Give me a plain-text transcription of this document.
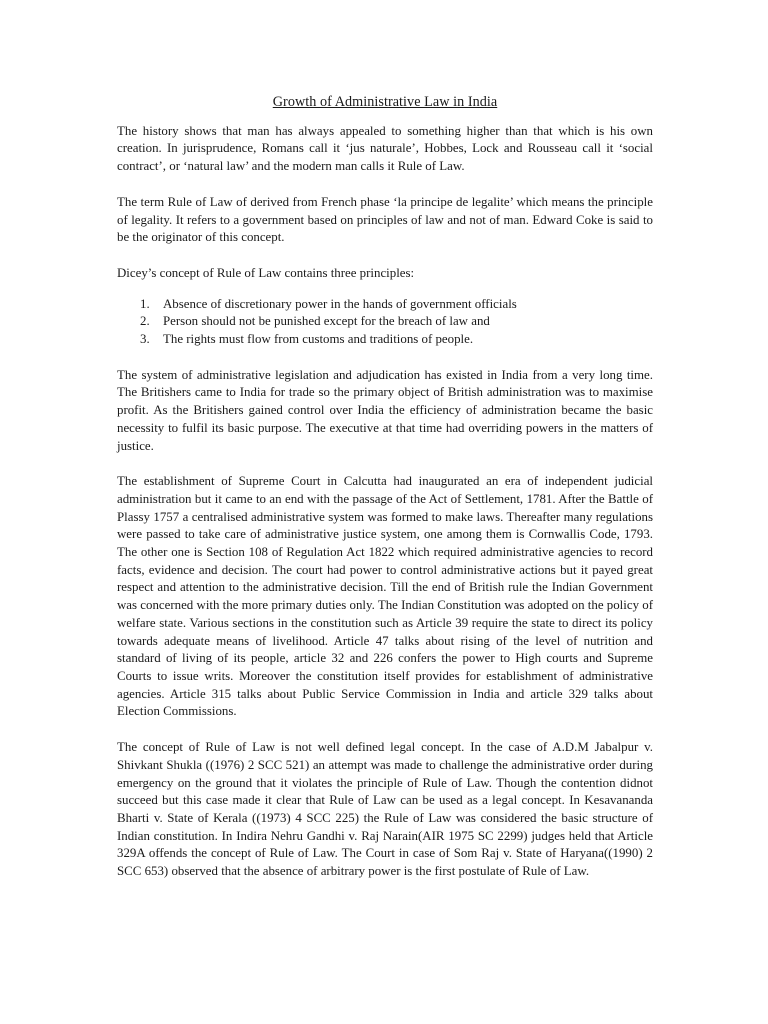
Growth of Administrative Law in India

The history shows that man has always appealed to something higher than that which is his own creation. In jurisprudence, Romans call it ‘jus naturale’, Hobbes, Lock and Rousseau call it ‘social contract’, or ‘natural law’ and the modern man calls it Rule of Law.

The term Rule of Law of derived from French phase ‘la principe de legalite’ which means the principle of legality. It refers to a government based on principles of law and not of man. Edward Coke is said to be the originator of this concept.

Dicey’s concept of Rule of Law contains three principles:

1.	Absence of discretionary power in the hands of government officials
2.	Person should not be punished except for the breach of law and
3.	The rights must flow from customs and traditions of people.

The system of administrative legislation and adjudication has existed in India from a very long time. The Britishers came to India for trade so the primary object of British administration was to maximise profit. As the Britishers gained control over India the efficiency of administration became the basic necessity to fulfil its basic purpose. The executive at that time had overriding powers in the matters of justice.

The establishment of Supreme Court in Calcutta had inaugurated an era of independent judicial administration but it came to an end with the passage of the Act of Settlement, 1781. After the Battle of Plassy 1757 a centralised administrative system was formed to make laws. Thereafter many regulations were passed to take care of administrative justice system, one among them is Cornwallis Code, 1793. The other one is Section 108 of Regulation Act 1822 which required administrative agencies to record facts, evidence and decision. The court had power to control administrative actions but it payed great respect and attention to the administrative decision. Till the end of British rule the Indian Government was concerned with the more primary duties only. The Indian Constitution was adopted on the policy of welfare state. Various sections in the constitution such as Article 39 require the state to direct its policy towards adequate means of livelihood. Article 47 talks about rising of the level of nutrition and standard of living of its people, article 32 and 226 confers the power to High courts and Supreme Courts to issue writs. Moreover the constitution itself provides for establishment of administrative agencies. Article 315 talks about Public Service Commission in India and article 329 talks about Election Commissions.

The concept of Rule of Law is not well defined legal concept. In the case of A.D.M Jabalpur v. Shivkant Shukla ((1976) 2 SCC 521) an attempt was made to challenge the administrative order during emergency on the ground that it violates the principle of Rule of Law. Though the contention didnot succeed but this case made it clear that Rule of Law can be used as a legal concept. In Kesavananda Bharti v. State of Kerala ((1973) 4 SCC 225) the Rule of Law was considered the basic structure of Indian constitution. In Indira Nehru Gandhi v. Raj Narain(AIR 1975 SC 2299) judges held that Article 329A offends the concept of Rule of Law. The Court in case of Som Raj v. State of Haryana((1990) 2 SCC 653) observed that the absence of arbitrary power is the first postulate of Rule of Law.
